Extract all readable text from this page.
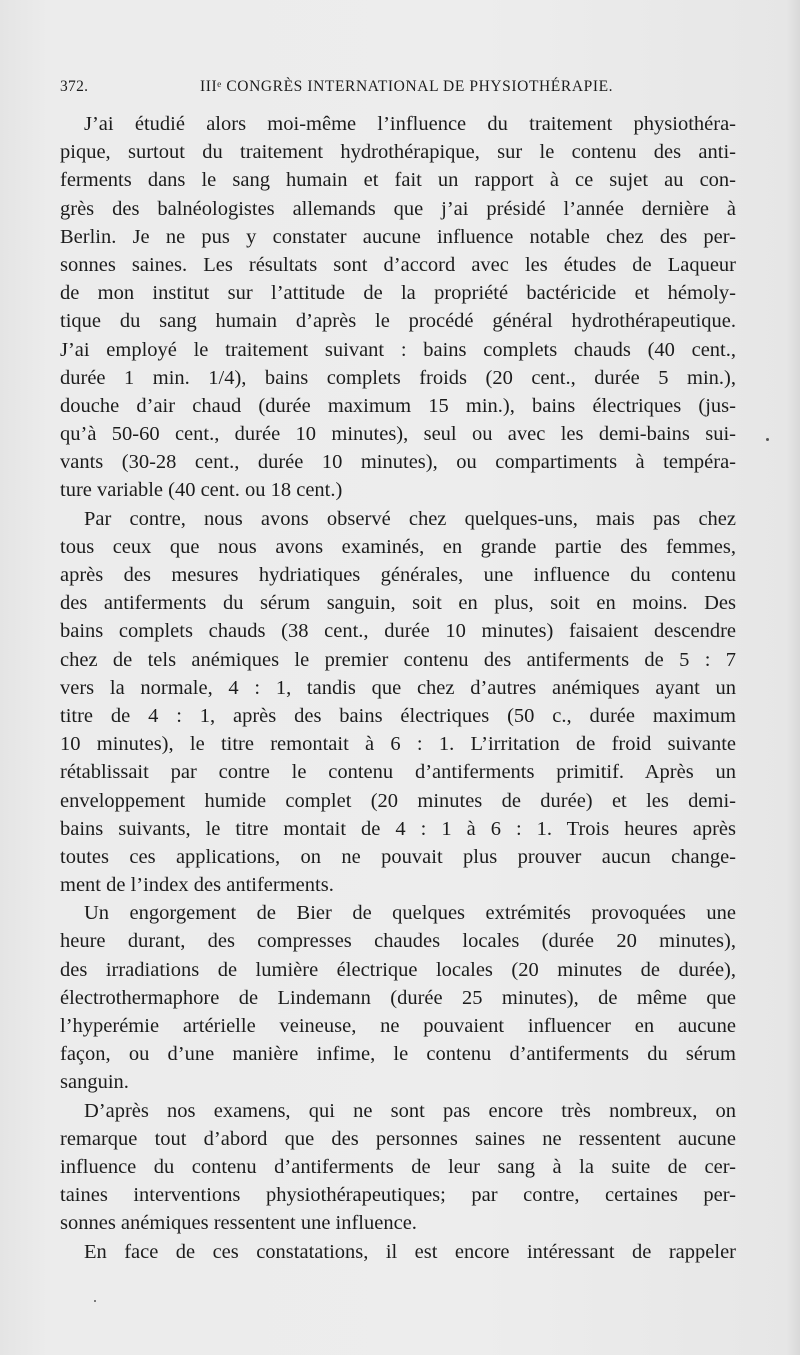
372.	IIIᵉ CONGRÈS INTERNATIONAL DE PHYSIOTHÉRAPIE.
J’ai étudié alors moi-même l’influence du traitement physiothéra-
pique, surtout du traitement hydrothérapique, sur le contenu des anti-
ferments dans le sang humain et fait un rapport à ce sujet au con-
grès des balnéologistes allemands que j’ai présidé l’année dernière à
Berlin. Je ne pus y constater aucune influence notable chez des per-
sonnes saines. Les résultats sont d’accord avec les études de Laqueur
de mon institut sur l’attitude de la propriété bactéricide et hémoly-
tique du sang humain d’après le procédé général hydrothérapeutique.
J’ai employé le traitement suivant : bains complets chauds (40 cent.,
durée 1 min. 1/4), bains complets froids (20 cent., durée 5 min.),
douche d’air chaud (durée maximum 15 min.), bains électriques (jus-
qu’à 50-60 cent., durée 10 minutes), seul ou avec les demi-bains sui-
vants (30-28 cent., durée 10 minutes), ou compartiments à tempéra-
ture variable (40 cent. ou 18 cent.)
Par contre, nous avons observé chez quelques-uns, mais pas chez
tous ceux que nous avons examinés, en grande partie des femmes,
après des mesures hydriatiques générales, une influence du contenu
des antiferments du sérum sanguin, soit en plus, soit en moins. Des
bains complets chauds (38 cent., durée 10 minutes) faisaient descendre
chez de tels anémiques le premier contenu des antiferments de 5 : 7
vers la normale, 4 : 1, tandis que chez d’autres anémiques ayant un
titre de 4 : 1, après des bains électriques (50 c., durée maximum
10 minutes), le titre remontait à 6 : 1. L’irritation de froid suivante
rétablissait par contre le contenu d’antiferments primitif. Après un
enveloppement humide complet (20 minutes de durée) et les demi-
bains suivants, le titre montait de 4 : 1 à 6 : 1. Trois heures après
toutes ces applications, on ne pouvait plus prouver aucun change-
ment de l’index des antiferments.
Un engorgement de Bier de quelques extrémités provoquées une
heure durant, des compresses chaudes locales (durée 20 minutes),
des irradiations de lumière électrique locales (20 minutes de durée),
électrothermaphore de Lindemann (durée 25 minutes), de même que
l’hyperémie artérielle veineuse, ne pouvaient influencer en aucune
façon, ou d’une manière infime, le contenu d’antiferments du sérum
sanguin.
D’après nos examens, qui ne sont pas encore très nombreux, on
remarque tout d’abord que des personnes saines ne ressentent aucune
influence du contenu d’antiferments de leur sang à la suite de cer-
taines interventions physiothérapeutiques; par contre, certaines per-
sonnes anémiques ressentent une influence.
En face de ces constatations, il est encore intéressant de rappeler
